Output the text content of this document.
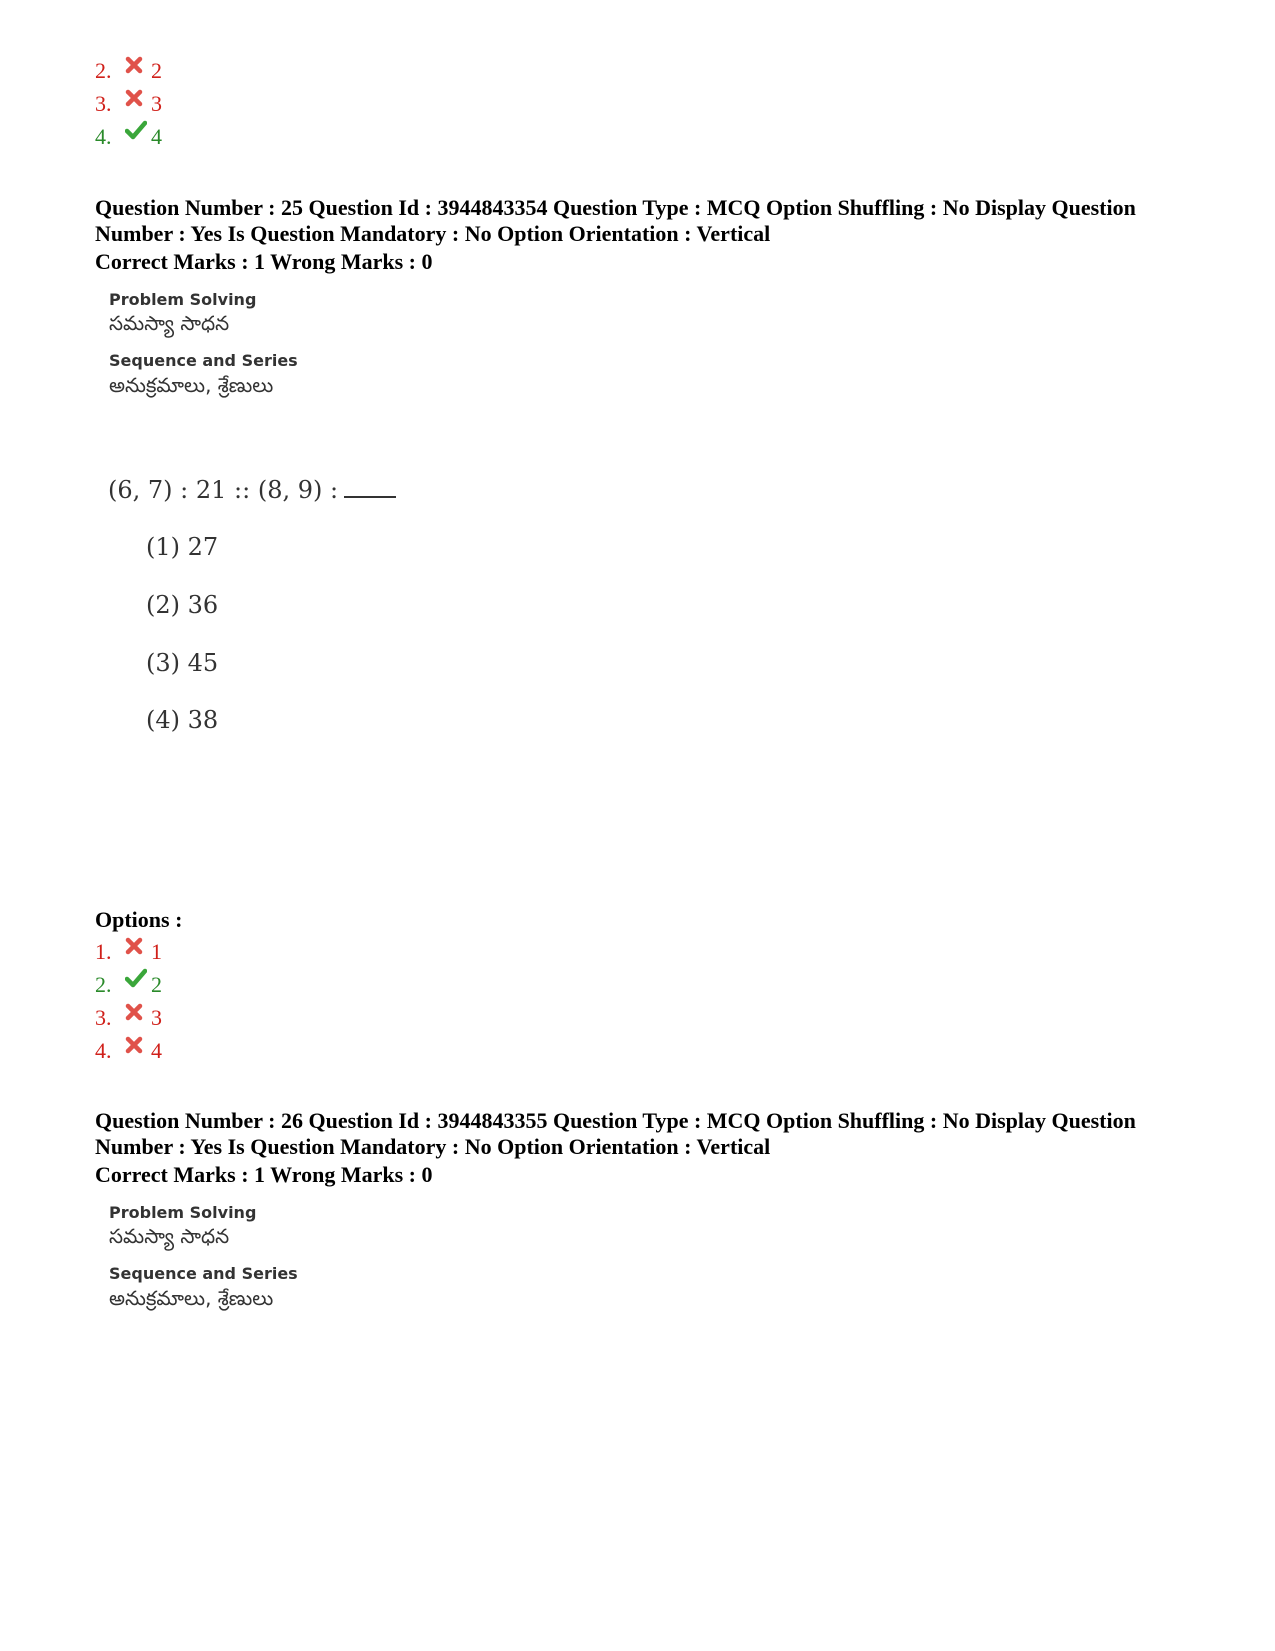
2.	2
3.	3
4.	4
Question Number : 25 Question Id : 3944843354 Question Type : MCQ Option Shuffling : No Display Question Number : Yes Is Question Mandatory : No Option Orientation : Vertical
Correct Marks : 1 Wrong Marks : 0
Problem Solving
సమస్యా సాధన
Sequence and Series
అనుక్రమాలు, శ్రేణులు
(6, 7) : 21 :: (8, 9) :
(1) 27
(2) 36
(3) 45
(4) 38
Options :
1.	1
2.	2
3.	3
4.	4
Question Number : 26 Question Id : 3944843355 Question Type : MCQ Option Shuffling : No Display Question Number : Yes Is Question Mandatory : No Option Orientation : Vertical
Correct Marks : 1 Wrong Marks : 0
Problem Solving
సమస్యా సాధన
Sequence and Series
అనుక్రమాలు, శ్రేణులు
